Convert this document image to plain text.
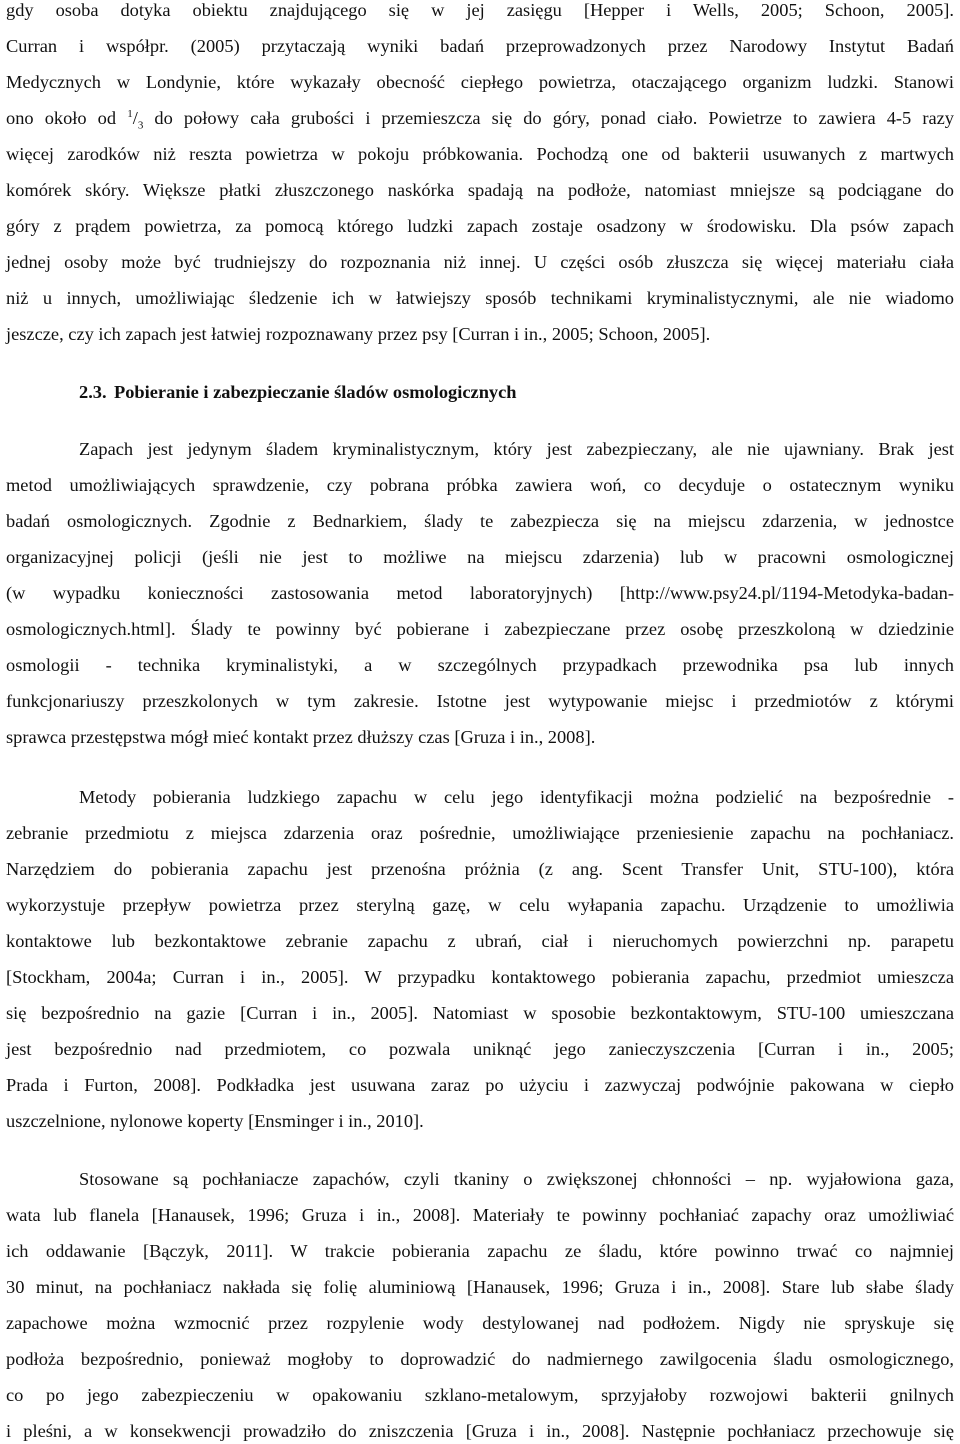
gdy osoba dotyka obiektu znajdującego się w jej zasięgu [Hepper i Wells, 2005; Schoon, 2005].
Curran i współpr. (2005) przytaczają wyniki badań przeprowadzonych przez Narodowy Instytut Badań
Medycznych w Londynie, które wykazały obecność ciepłego powietrza, otaczającego organizm ludzki. Stanowi
ono około od $^1/_3$ do połowy cała grubości i przemieszcza się do góry, ponad ciało. Powietrze to zawiera 4-5 razy
więcej zarodków niż reszta powietrza w pokoju próbkowania. Pochodzą one od bakterii usuwanych z martwych
komórek skóry. Większe płatki złuszczonego naskórka spadają na podłoże, natomiast mniejsze są podciągane do
góry z prądem powietrza, za pomocą którego ludzki zapach zostaje osadzony w środowisku. Dla psów zapach
jednej osoby może być trudniejszy do rozpoznania niż innej. U części osób złuszcza się więcej materiału ciała
niż u innych, umożliwiając śledzenie ich w łatwiejszy sposób technikami kryminalistycznymi, ale nie wiadomo
jeszcze, czy ich zapach jest łatwiej rozpoznawany przez psy [Curran i in., 2005; Schoon, 2005].
2.3. Pobieranie i zabezpieczanie śladów osmologicznych
Zapach jest jedynym śladem kryminalistycznym, który jest zabezpieczany, ale nie ujawniany. Brak jest
metod umożliwiających sprawdzenie, czy pobrana próbka zawiera woń, co decyduje o ostatecznym wyniku
badań osmologicznych. Zgodnie z Bednarkiem, ślady te zabezpiecza się na miejscu zdarzenia, w jednostce
organizacyjnej policji (jeśli nie jest to możliwe na miejscu zdarzenia) lub w pracowni osmologicznej
(w wypadku konieczności zastosowania metod laboratoryjnych) [http://www.psy24.pl/1194-Metodyka-badan-
osmologicznych.html]. Ślady te powinny być pobierane i zabezpieczane przez osobę przeszkoloną w dziedzinie
osmologii - technika kryminalistyki, a w szczególnych przypadkach przewodnika psa lub innych
funkcjonariuszy przeszkolonych w tym zakresie. Istotne jest wytypowanie miejsc i przedmiotów z którymi
sprawca przestępstwa mógł mieć kontakt przez dłuższy czas [Gruza i in., 2008].
Metody pobierania ludzkiego zapachu w celu jego identyfikacji można podzielić na bezpośrednie -
zebranie przedmiotu z miejsca zdarzenia oraz pośrednie, umożliwiające przeniesienie zapachu na pochłaniacz.
Narzędziem do pobierania zapachu jest przenośna próżnia (z ang. Scent Transfer Unit, STU-100), która
wykorzystuje przepływ powietrza przez sterylną gazę, w celu wyłapania zapachu. Urządzenie to umożliwia
kontaktowe lub bezkontaktowe zebranie zapachu z ubrań, ciał i nieruchomych powierzchni np. parapetu
[Stockham, 2004a; Curran i in., 2005]. W przypadku kontaktowego pobierania zapachu, przedmiot umieszcza
się bezpośrednio na gazie [Curran i in., 2005]. Natomiast w sposobie bezkontaktowym, STU-100 umieszczana
jest bezpośrednio nad przedmiotem, co pozwala uniknąć jego zanieczyszczenia [Curran i in., 2005;
Prada i Furton, 2008]. Podkładka jest usuwana zaraz po użyciu i zazwyczaj podwójnie pakowana w ciepło
uszczelnione, nylonowe koperty [Ensminger i in., 2010].
Stosowane są pochłaniacze zapachów, czyli tkaniny o zwiększonej chłonności – np. wyjałowiona gaza,
wata lub flanela [Hanausek, 1996; Gruza i in., 2008]. Materiały te powinny pochłaniać zapachy oraz umożliwiać
ich oddawanie [Bączyk, 2011]. W trakcie pobierania zapachu ze śladu, które powinno trwać co najmniej
30 minut, na pochłaniacz nakłada się folię aluminiową [Hanausek, 1996; Gruza i in., 2008]. Stare lub słabe ślady
zapachowe można wzmocnić przez rozpylenie wody destylowanej nad podłożem. Nigdy nie spryskuje się
podłoża bezpośrednio, ponieważ mogłoby to doprowadzić do nadmiernego zawilgocenia śladu osmologicznego,
co po jego zabezpieczeniu w opakowaniu szklano-metalowym, sprzyjałoby rozwojowi bakterii gnilnych
i pleśni, a w konsekwencji prowadziło do zniszczenia [Gruza i in., 2008]. Następnie pochłaniacz przechowuje się
